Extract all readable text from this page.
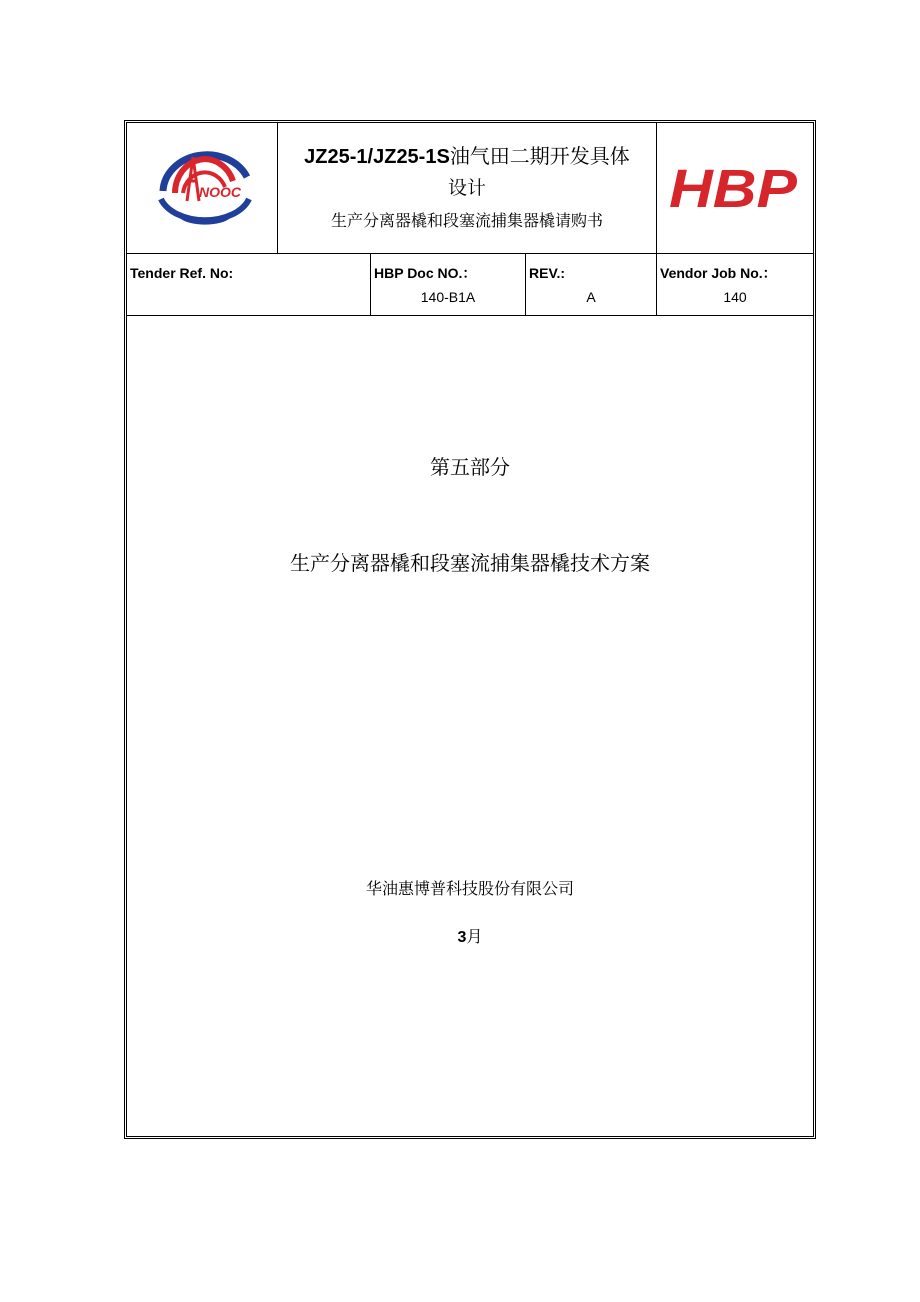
NOOC
JZ25-1/JZ25-1S油气田二期开发具体
设计
生产分离器橇和段塞流捕集器橇请购书
HBP
Tender Ref. No:	HBP Doc NO.：
140-B1A
REV.:
A
Vendor Job No.：
140
第五部分
生产分离器橇和段塞流捕集器橇技术方案
华油惠博普科技股份有限公司
3月
